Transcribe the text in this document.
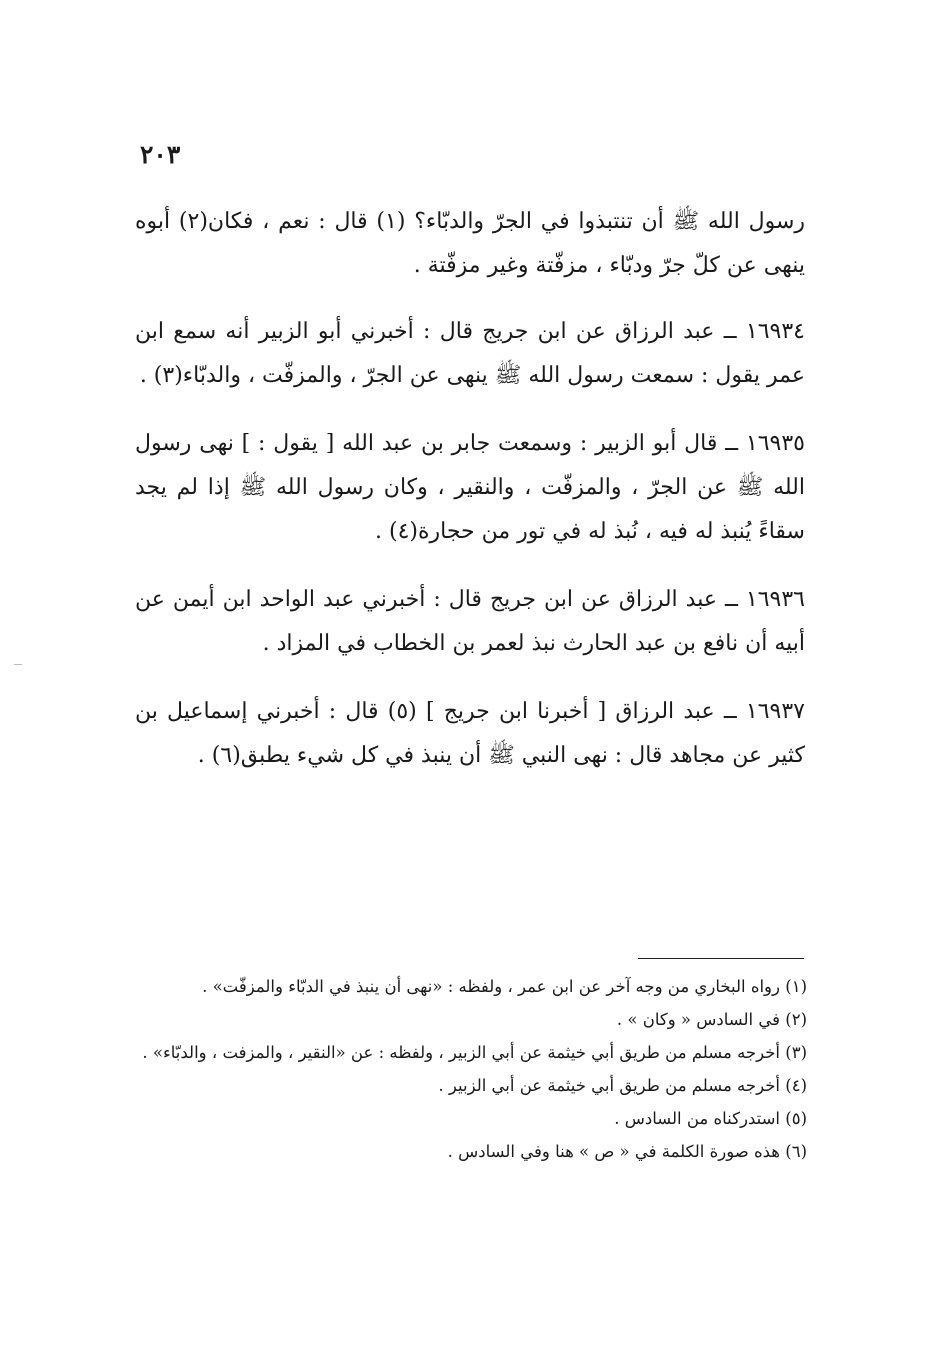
٢٠٣

رسول الله ﷺ أن تنتبذوا في الجرّ والدبّاء؟ (١) قال : نعم ، فكان(٢) أبوه ينهى عن كلّ جرّ ودبّاء ، مزفّتة وغير مزفّتة .

١٦٩٣٤ ــ عبد الرزاق عن ابن جريج قال : أخبرني أبو الزبير أنه سمع ابن عمر يقول : سمعت رسول الله ﷺ ينهى عن الجرّ ، والمزفّت ، والدبّاء(٣) .

١٦٩٣٥ ــ قال أبو الزبير : وسمعت جابر بن عبد الله [ يقول : ] نهى رسول الله ﷺ عن الجرّ ، والمزفّت ، والنقير ، وكان رسول الله ﷺ إذا لم يجد سقاءً يُنبذ له فيه ، نُبذ له في تور من حجارة(٤) .

١٦٩٣٦ ــ عبد الرزاق عن ابن جريج قال : أخبرني عبد الواحد ابن أيمن عن أبيه أن نافع بن عبد الحارث نبذ لعمر بن الخطاب في المزاد .

١٦٩٣٧ ــ عبد الرزاق [ أخبرنا ابن جريج ] (٥) قال : أخبرني إسماعيل بن كثير عن مجاهد قال : نهى النبي ﷺ أن ينبذ في كل شيء يطبق(٦) .

(١) رواه البخاري من وجه آخر عن ابن عمر ، ولفظه : «نهى أن ينبذ في الدبّاء والمزفّت» .

(٢) في السادس « وكان » .

(٣) أخرجه مسلم من طريق أبي خيثمة عن أبي الزبير ، ولفظه : عن «النقير ، والمزفت ، والدبّاء» .

(٤) أخرجه مسلم من طريق أبي خيثمة عن أبي الزبير .

(٥) استدركناه من السادس .

(٦) هذه صورة الكلمة في « ص » هنا وفي السادس .
